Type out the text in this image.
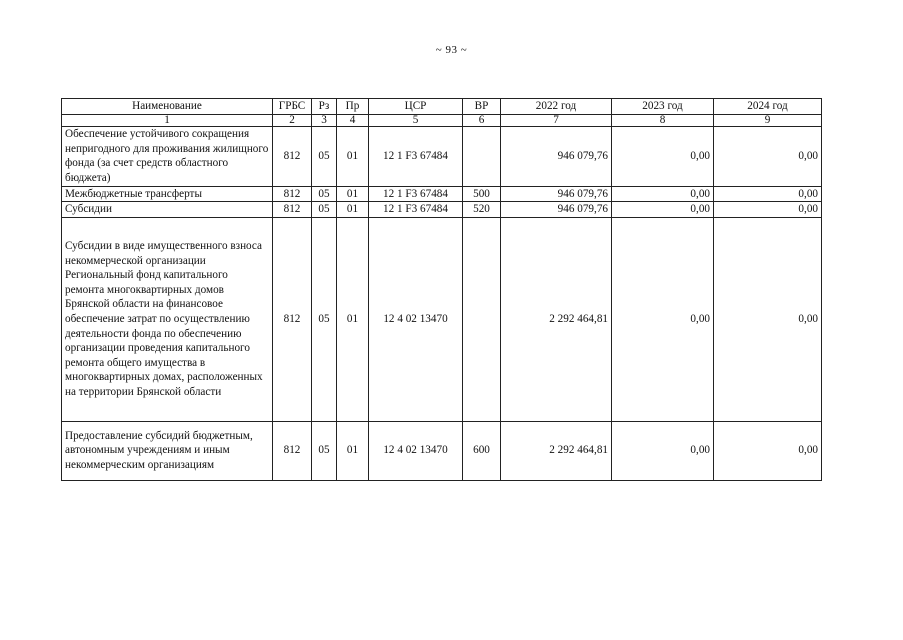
~ 93 ~
Наименование	ГРБС	Рз	Пр	ЦСР	ВР	2022 год	2023 год	2024 год
1	2	3	4	5	6	7	8	9
Обеспечение устойчивого сокращения непригодного для проживания жилищного фонда (за счет средств областного бюджета)	812	05	01	12 1 F3 67484		946 079,76	0,00	0,00
Межбюджетные трансферты	812	05	01	12 1 F3 67484	500	946 079,76	0,00	0,00
Субсидии	812	05	01	12 1 F3 67484	520	946 079,76	0,00	0,00
Субсидии в виде имущественного взноса некоммерческой организации Региональный фонд капитального ремонта многоквартирных домов Брянской области на финансовое обеспечение затрат по осуществлению деятельности фонда по обеспечению организации проведения капитального ремонта общего имущества в многоквартирных домах, расположенных на территории Брянской области	812	05	01	12 4 02 13470		2 292 464,81	0,00	0,00
Предоставление субсидий бюджетным, автономным учреждениям и иным некоммерческим организациям	812	05	01	12 4 02 13470	600	2 292 464,81	0,00	0,00
